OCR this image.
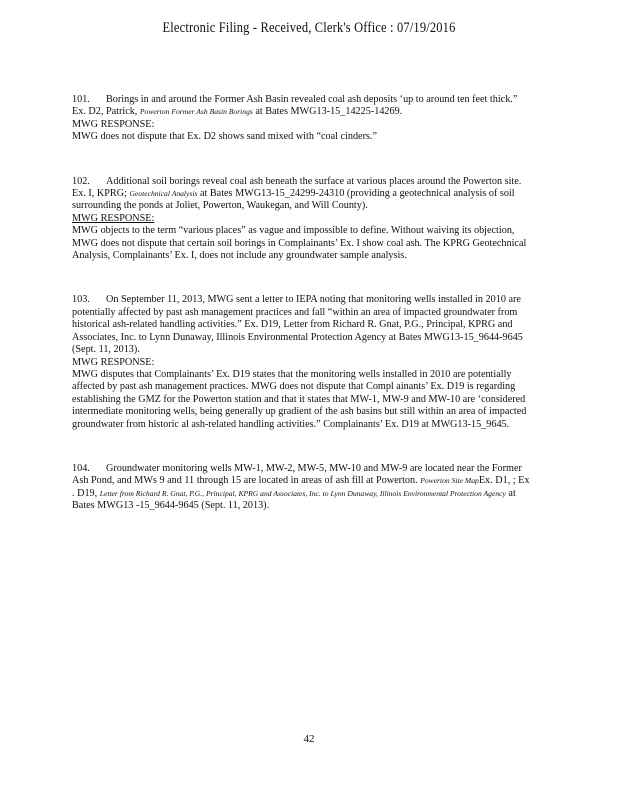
Electronic Filing - Received, Clerk's Office : 07/19/2016

101. Borings in and around the Former Ash Basin revealed coal ash deposits ‘up to around ten feet thick.” Ex. D2, Patrick, Powerton Former Ash Basin Borings at Bates MWG13-15_14225-14269.

MWG RESPONSE:

MWG does not dispute that Ex. D2 shows sand mixed with “coal cinders.”

102. Additional soil borings reveal coal ash beneath the surface at various places around the Powerton site. Ex. I, KPRG; Geotechnical Analysis at Bates MWG13-15_24299-24310 (providing a geotechnical analysis of soil surrounding the ponds at Joliet, Powerton, Waukegan, and Will County).

MWG RESPONSE:

MWG objects to the term “various places” as vague and impossible to define. Without waiving its objection, MWG does not dispute that certain soil borings in Complainants’ Ex. I show coal ash. The KPRG Geotechnical Analysis, Complainants’ Ex. I, does not include any groundwater sample analysis.

103. On September 11, 2013, MWG sent a letter to IEPA noting that monitoring wells installed in 2010 are potentially affected by past ash management practices and fall “within an area of impacted groundwater from historical ash-related handling activities.” Ex. D19, Letter from Richard R. Gnat, P.G., Principal, KPRG and Associates, Inc. to Lynn Dunaway, Illinois Environmental Protection Agency at Bates MWG13-15_9644-9645 (Sept. 11, 2013).

MWG RESPONSE:

MWG disputes that Complainants’ Ex. D19 states that the monitoring wells installed in 2010 are potentially affected by past ash management practices. MWG does not dispute that Compl ainants’ Ex. D19 is regarding establishing the GMZ for the Powerton station and that it states that MW-1, MW-9 and MW-10 are ‘considered intermediate monitoring wells, being generally up gradient of the ash basins but still within an area of impacted groundwater from historic al ash-related handling activities.” Complainants’ Ex. D19 at MWG13-15_9645.

104. Groundwater monitoring wells MW-1, MW-2, MW-5, MW-10 and MW-9 are located near the Former Ash Pond, and MWs 9 and 11 through 15 are located in areas of ash fill at Powerton. Powerton Site MapEx. D1, ; Ex . D19, Letter from Richard R. Gnat, P.G., Principal, KPRG and Associates, Inc. to Lynn Dunaway, Illinois Environmental Protection Agency at Bates MWG13 -15_9644-9645 (Sept. 11, 2013).

42
